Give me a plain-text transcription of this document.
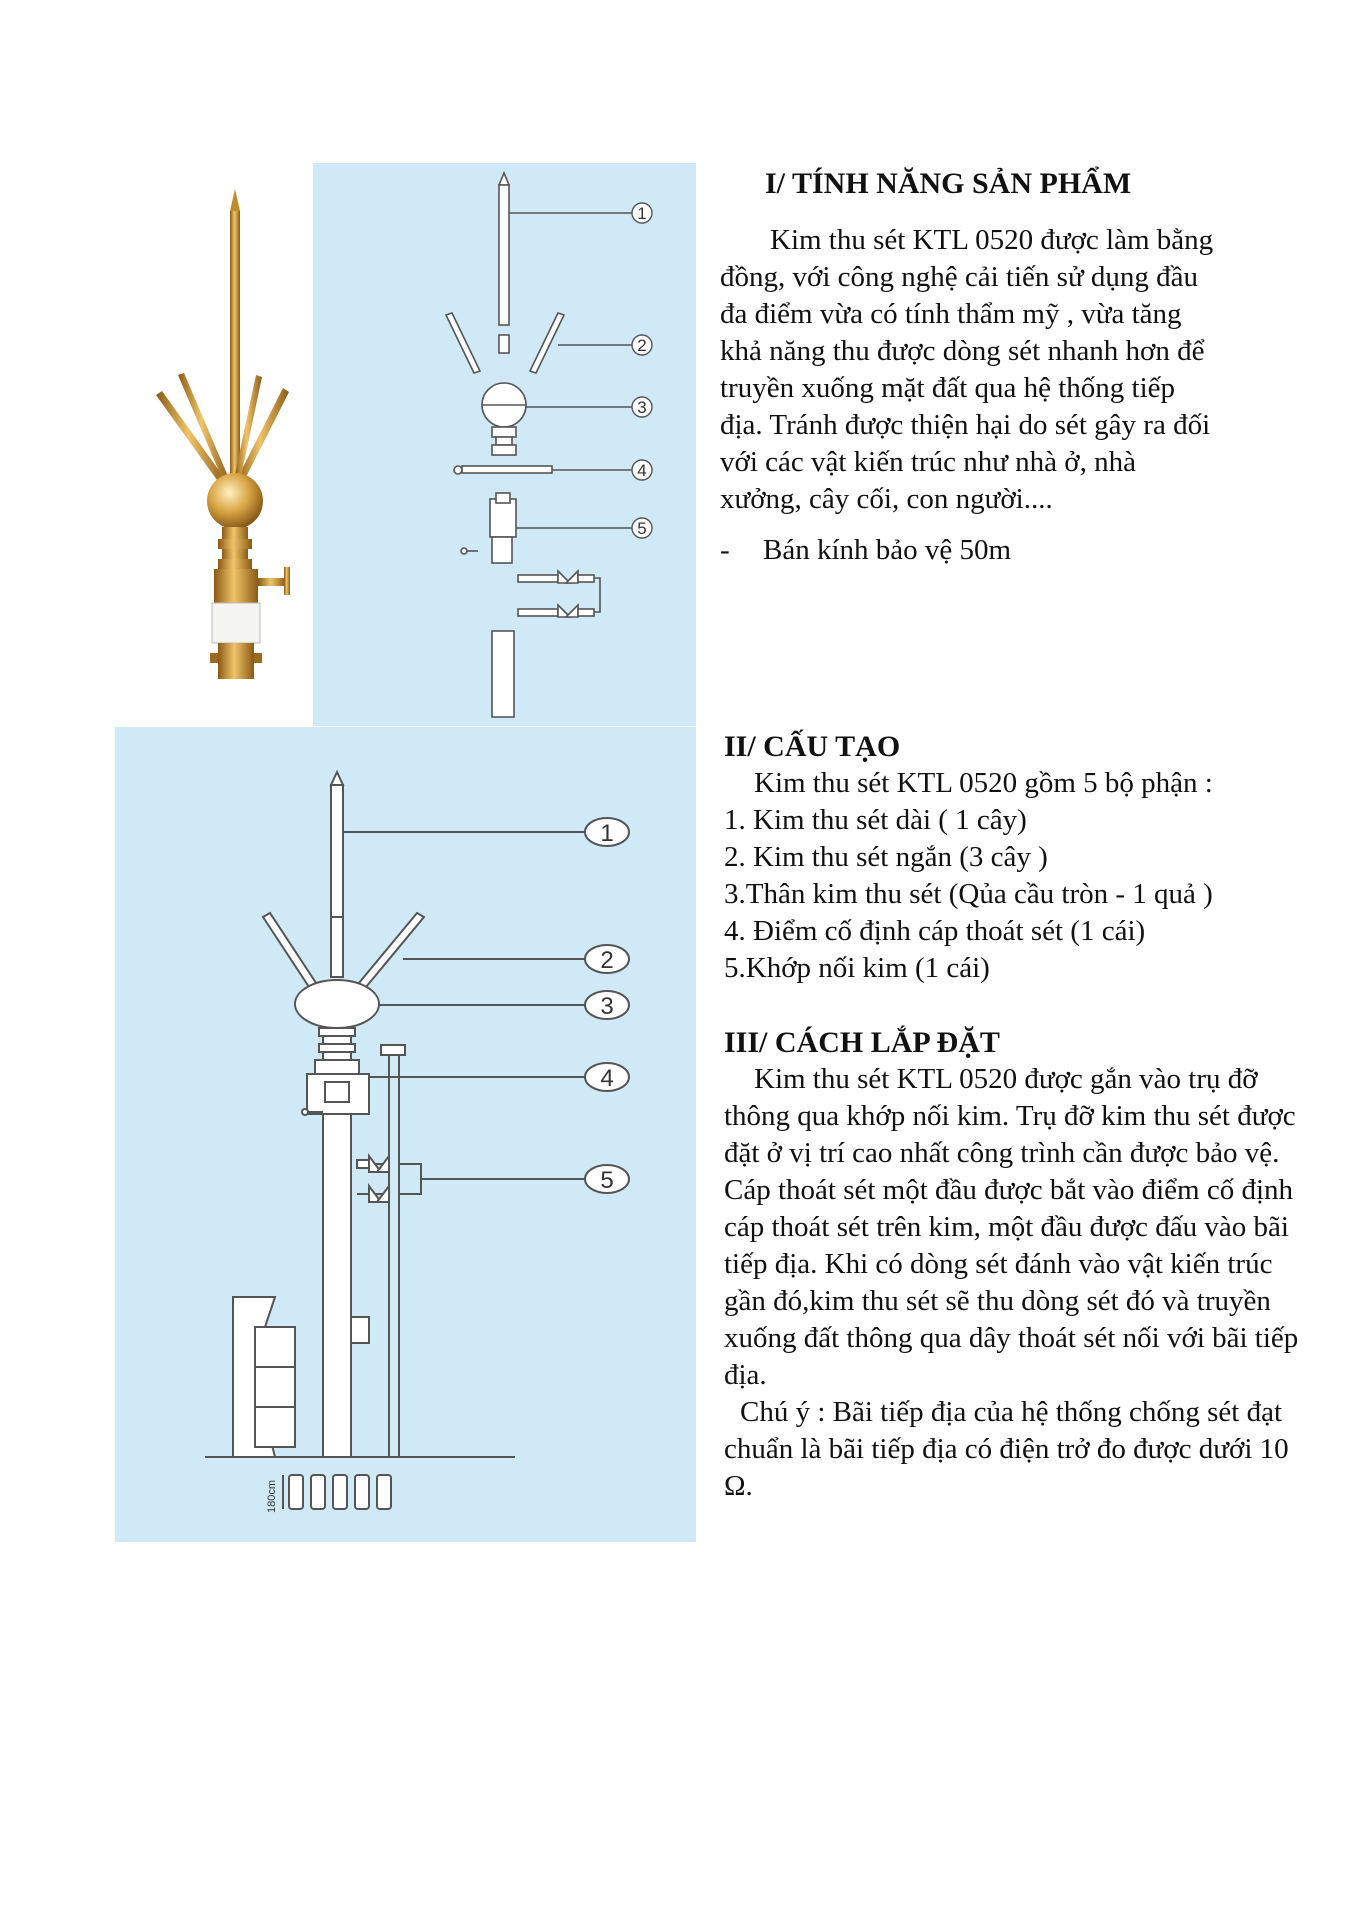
1
2
3
4
5
180cm
1
2
3
4
5
I/ TÍNH NĂNG SẢN PHẨM

Kim thu sét KTL 0520 được làm bằng đồng, với công nghệ cải tiến sử dụng đầu đa điểm vừa có tính thẩm mỹ , vừa tăng khả năng thu được dòng sét nhanh hơn để truyền xuống mặt đất qua hệ thống tiếp địa. Tránh được thiện hại do sét gây ra đối với các vật kiến trúc như nhà ở, nhà xưởng, cây cối, con người....

- Bán kính bảo vệ 50m

II/ CẤU TẠO

Kim thu sét KTL 0520 gồm 5 bộ phận :

1. Kim thu sét dài ( 1 cây)

2. Kim thu sét ngắn (3 cây )

3.Thân kim thu sét (Qủa cầu tròn - 1 quả )

4. Điểm cố định cáp thoát sét (1 cái)

5.Khớp nối kim (1 cái)

III/ CÁCH LẮP ĐẶT

Kim thu sét KTL 0520 được gắn vào trụ đỡ thông qua khớp nối kim. Trụ đỡ kim thu sét được đặt ở vị trí cao nhất công trình cần được bảo vệ. Cáp thoát sét một đầu được bắt vào điểm cố định cáp thoát sét trên kim, một đầu được đấu vào bãi tiếp địa. Khi có dòng sét đánh vào vật kiến trúc gần đó,kim thu sét sẽ thu dòng sét đó và truyền xuống đất thông qua dây thoát sét nối với bãi tiếp địa.

Chú ý : Bãi tiếp địa của hệ thống chống sét đạt chuẩn là bãi tiếp địa có điện trở đo được dưới 10 Ω.
